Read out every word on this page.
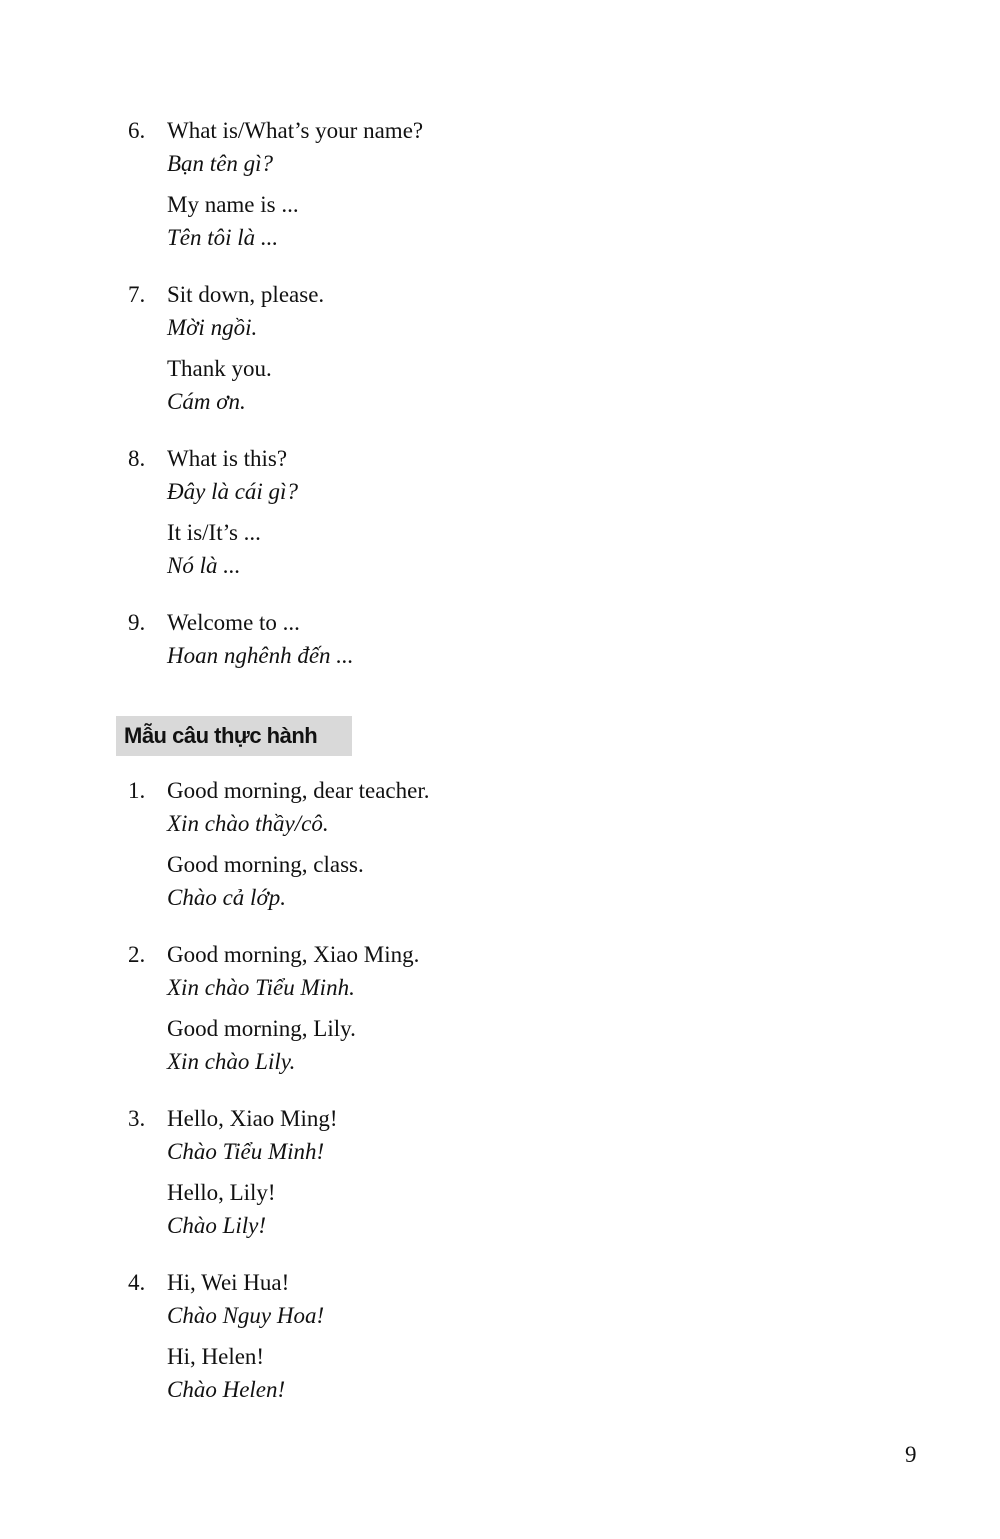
6. What is/What’s your name?
Bạn tên gì?
My name is ...
Tên tôi là ...
7. Sit down, please.
Mời ngồi.
Thank you.
Cám ơn.
8. What is this?
Đây là cái gì?
It is/It’s ...
Nó là ...
9. Welcome to ...
Hoan nghênh đến ...
Mẫu câu thực hành
1. Good morning, dear teacher.
Xin chào thầy/cô.
Good morning, class.
Chào cả lớp.
2. Good morning, Xiao Ming.
Xin chào Tiểu Minh.
Good morning, Lily.
Xin chào Lily.
3. Hello, Xiao Ming!
Chào Tiểu Minh!
Hello, Lily!
Chào Lily!
4. Hi, Wei Hua!
Chào Nguy Hoa!
Hi, Helen!
Chào Helen!
9
